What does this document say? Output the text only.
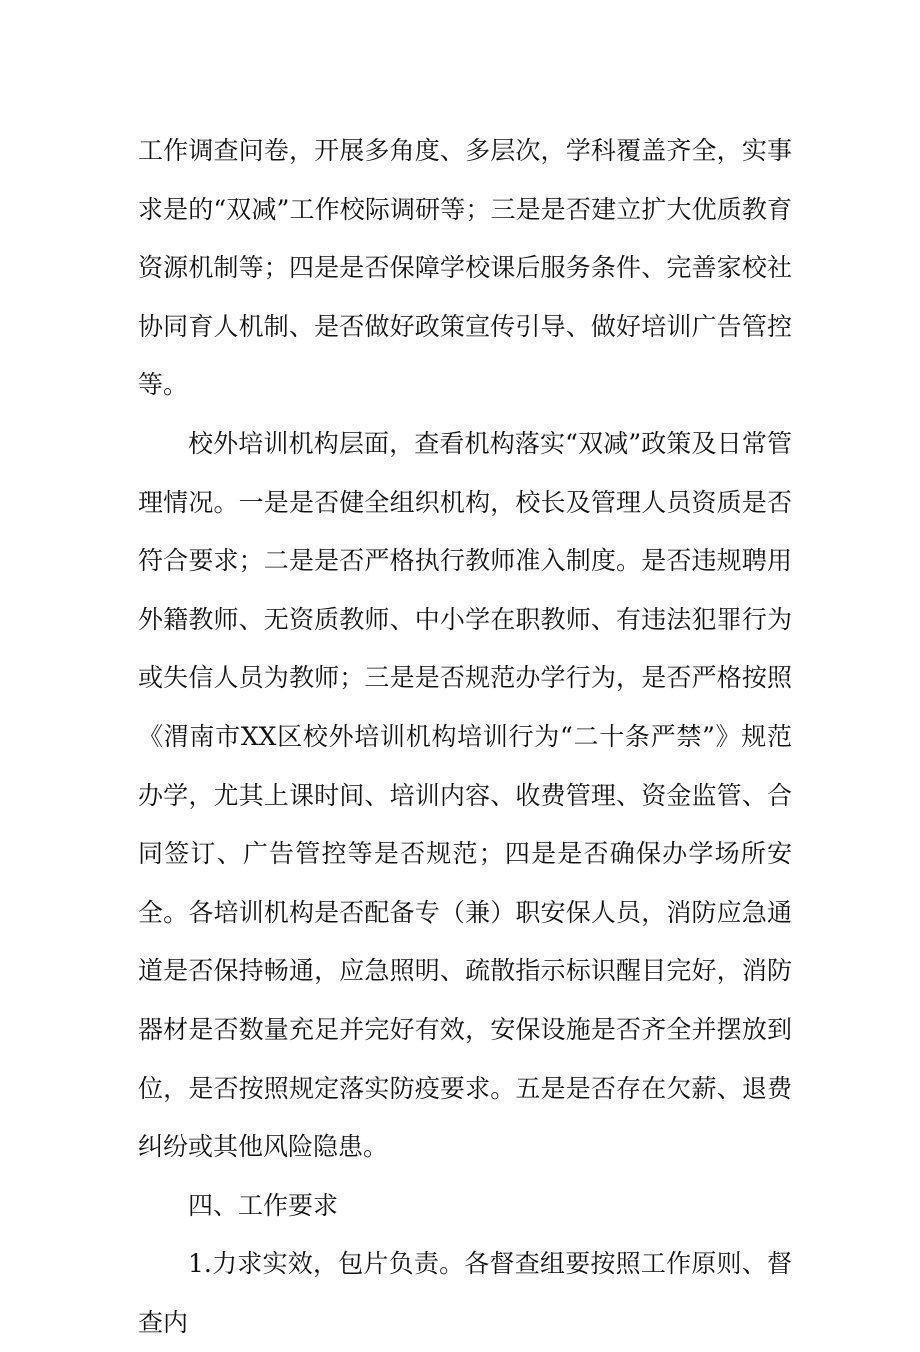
工作调查问卷，开展多角度、多层次，学科覆盖齐全，实事求是的“双减”工作校际调研等；三是是否建立扩大优质教育资源机制等；四是是否保障学校课后服务条件、完善家校社协同育人机制、是否做好政策宣传引导、做好培训广告管控等。

校外培训机构层面，查看机构落实“双减”政策及日常管理情况。一是是否健全组织机构，校长及管理人员资质是否符合要求；二是是否严格执行教师准入制度。是否违规聘用外籍教师、无资质教师、中小学在职教师、有违法犯罪行为或失信人员为教师；三是是否规范办学行为，是否严格按照《渭南市XX区校外培训机构培训行为“二十条严禁”》规范办学，尤其上课时间、培训内容、收费管理、资金监管、合同签订、广告管控等是否规范；四是是否确保办学场所安全。各培训机构是否配备专（兼）职安保人员，消防应急通道是否保持畅通，应急照明、疏散指示标识醒目完好，消防器材是否数量充足并完好有效，安保设施是否齐全并摆放到位，是否按照规定落实防疫要求。五是是否存在欠薪、退费纠纷或其他风险隐患。

四、工作要求

1.力求实效，包片负责。各督查组要按照工作原则、督查内
